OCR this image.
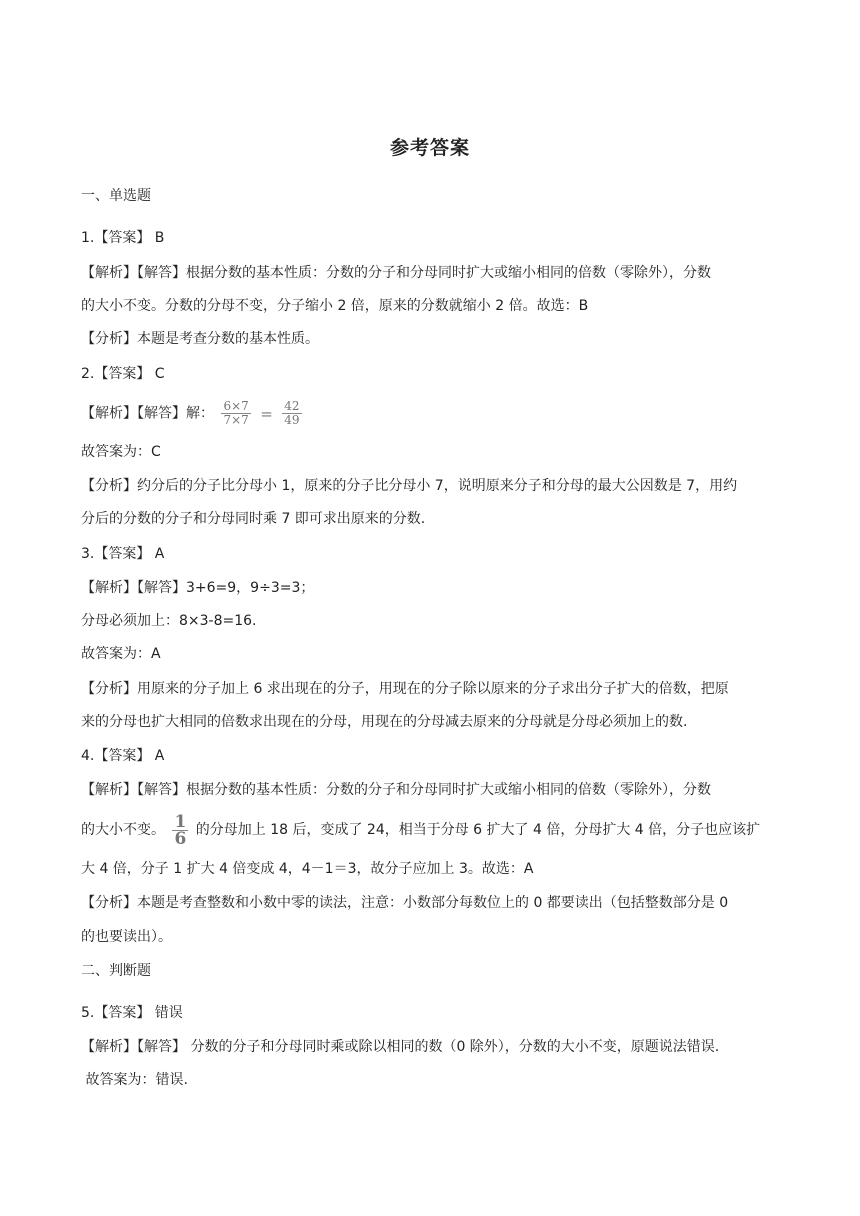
参考答案
一、单选题
1.【答案】 B
【解析】【解答】根据分数的基本性质：分数的分子和分母同时扩大或缩小相同的倍数（零除外），分数
的大小不变。分数的分母不变，分子缩小 2 倍，原来的分数就缩小 2 倍。故选：B
【分析】本题是考查分数的基本性质。
2.【答案】 C
【解析】【解答】解： $\frac{6\times 7}{7\times 7} = \frac{42}{49}$
故答案为：C
【分析】约分后的分子比分母小 1，原来的分子比分母小 7，说明原来分子和分母的最大公因数是 7，用约
分后的分数的分子和分母同时乘 7 即可求出原来的分数.
3.【答案】 A
【解析】【解答】3+6=9，9÷3=3；
分母必须加上：8×3-8=16.
故答案为：A
【分析】用原来的分子加上 6 求出现在的分子，用现在的分子除以原来的分子求出分子扩大的倍数，把原
来的分母也扩大相同的倍数求出现在的分母，用现在的分母减去原来的分母就是分母必须加上的数.
4.【答案】 A
【解析】【解答】根据分数的基本性质：分数的分子和分母同时扩大或缩小相同的倍数（零除外），分数
的大小不变。 $\frac{1}{6}$ 的分母加上 18 后，变成了 24，相当于分母 6 扩大了 4 倍，分母扩大 4 倍，分子也应该扩
大 4 倍，分子 1 扩大 4 倍变成 4，4－1＝3，故分子应加上 3。故选：A
【分析】本题是考查整数和小数中零的读法，注意：小数部分每数位上的 0 都要读出（包括整数部分是 0
的也要读出）。
二、判断题
5.【答案】 错误
【解析】【解答】 分数的分子和分母同时乘或除以相同的数（0 除外），分数的大小不变，原题说法错误.
故答案为：错误.
